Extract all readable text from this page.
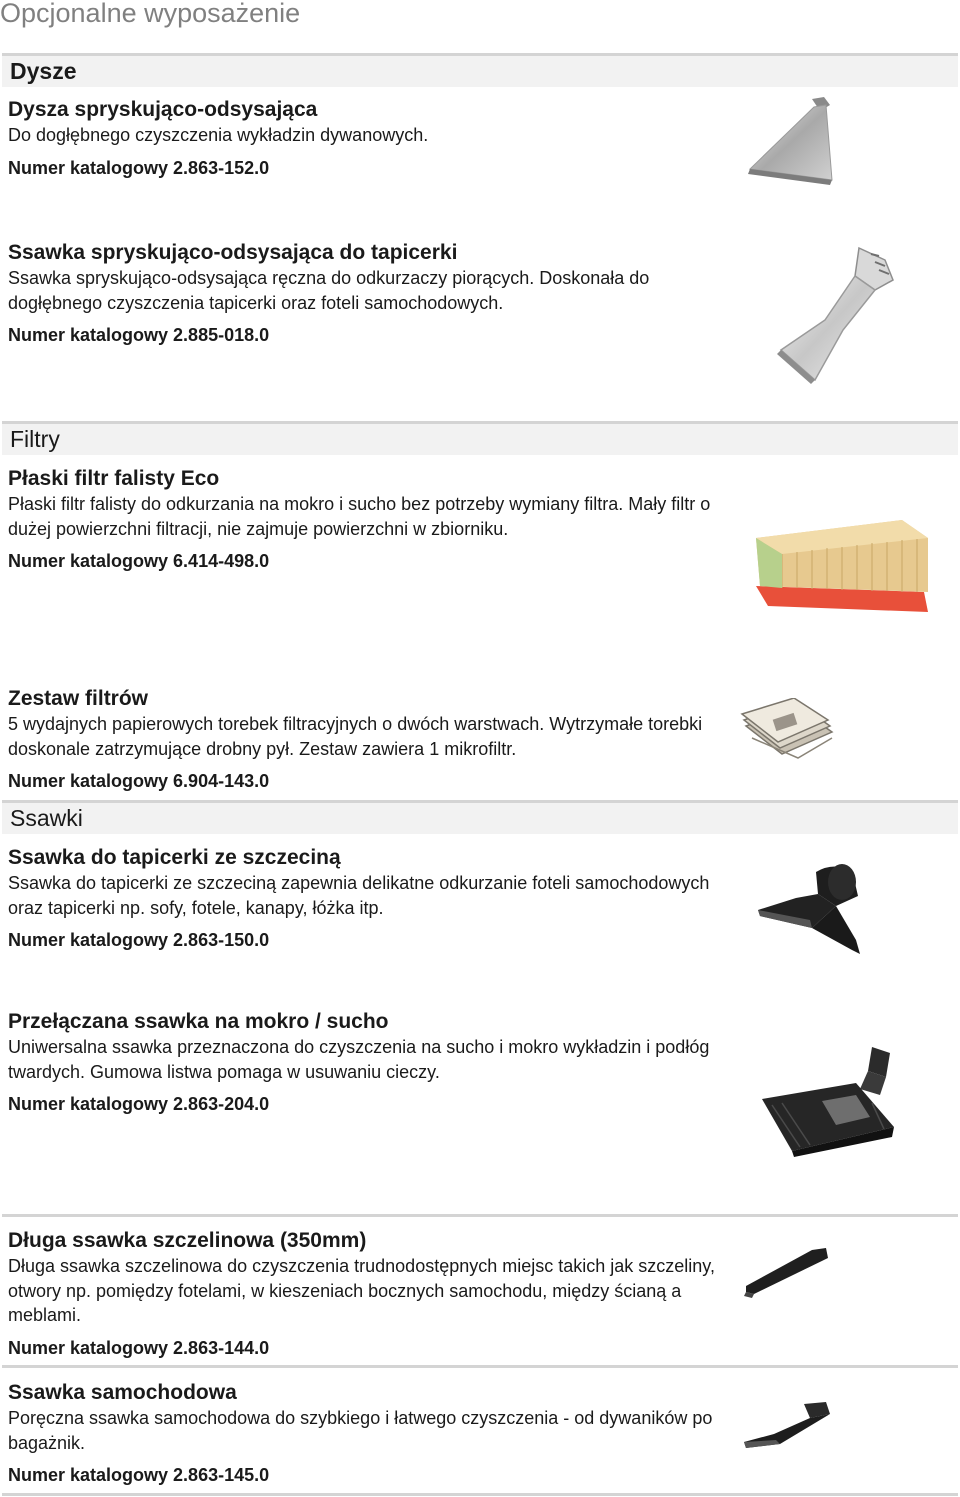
Opcjonalne wyposażenie
Dysze
Dysza spryskująco-odsysająca
Do dogłębnego czyszczenia wykładzin dywanowych.
Numer katalogowy 2.863-152.0
Ssawka spryskująco-odsysająca do tapicerki
Ssawka spryskująco-odsysająca ręczna do odkurzaczy piorących. Doskonała do dogłębnego czyszczenia tapicerki oraz foteli samochodowych.
Numer katalogowy 2.885-018.0
Filtry
Płaski filtr falisty Eco
Płaski filtr falisty do odkurzania na mokro i sucho bez potrzeby wymiany filtra. Mały filtr o dużej powierzchni filtracji, nie zajmuje powierzchni w zbiorniku.
Numer katalogowy 6.414-498.0
Zestaw filtrów
5 wydajnych papierowych torebek filtracyjnych o dwóch warstwach. Wytrzymałe torebki doskonale zatrzymujące drobny pył. Zestaw zawiera 1 mikrofiltr.
Numer katalogowy 6.904-143.0
Ssawki
Ssawka do tapicerki ze szczeciną
Ssawka do tapicerki ze szczeciną zapewnia delikatne odkurzanie foteli samochodowych oraz tapicerki np. sofy, fotele, kanapy, łóżka itp.
Numer katalogowy 2.863-150.0
Przełączana ssawka na mokro / sucho
Uniwersalna ssawka przeznaczona do czyszczenia na sucho i mokro wykładzin i podłóg twardych. Gumowa listwa pomaga w usuwaniu cieczy.
Numer katalogowy 2.863-204.0
Długa ssawka szczelinowa (350mm)
Długa ssawka szczelinowa do czyszczenia trudnodostępnych miejsc takich jak szczeliny, otwory np. pomiędzy fotelami, w kieszeniach bocznych samochodu, między ścianą a meblami.
Numer katalogowy 2.863-144.0
Ssawka samochodowa
Poręczna ssawka samochodowa do szybkiego i łatwego czyszczenia - od dywaników po bagażnik.
Numer katalogowy 2.863-145.0
